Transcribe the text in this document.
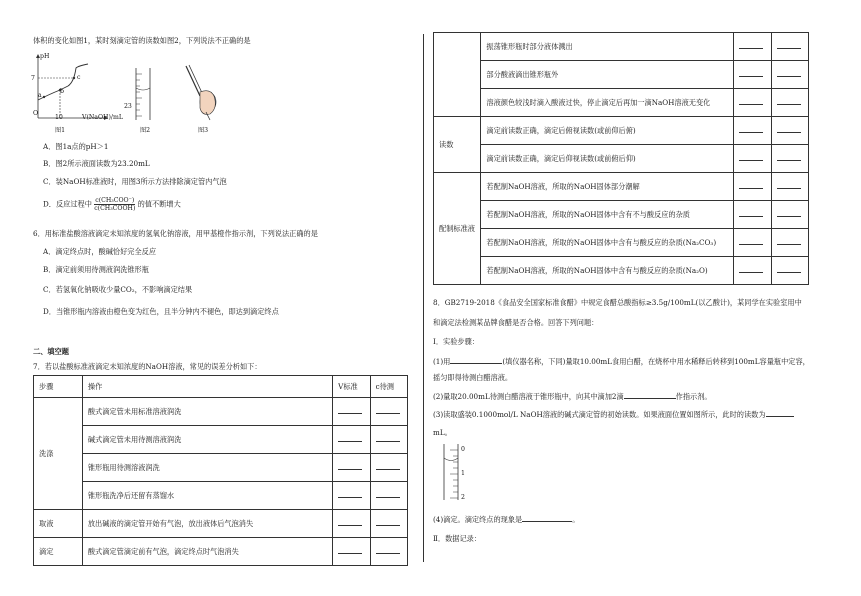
体积的变化如图1，某时刻滴定管的读数如图2，下列说法不正确的是
pH
7
10	V(NaOH)/mL
O
a
b
c
图1
23
图2	图3
A．图1a点的pH＞1
B．图2所示液面读数为23.20mL
C．装NaOH标准液时，用图3所示方法排除滴定管内气泡
D．反应过程中 $\frac{\text{c(CH₃COO⁻)}}{\text{c(CH₃COOH)}}$ 的值不断增大
6．用标准盐酸溶液滴定未知浓度的氢氧化钠溶液，用甲基橙作指示剂，下列说法正确的是
A．滴定终点时，酸碱恰好完全反应
B．滴定前须用待测液润洗锥形瓶
C．若氢氧化钠吸收少量CO₂，不影响滴定结果
D．当锥形瓶内溶液由橙色变为红色，且半分钟内不褪色，即达到滴定终点
二、填空题
7．若以盐酸标准液滴定未知浓度的NaOH溶液，常见的误差分析如下：
步骤	操作	V标准	c待测
洗涤	酸式滴定管未用标准溶液润洗		
	碱式滴定管未用待测溶液润洗		
	锥形瓶用待测溶液润洗		
	锥形瓶洗净后还留有蒸馏水		
取液	放出碱液的滴定管开始有气泡，放出液体后气泡消失		
滴定	酸式滴定管滴定前有气泡，滴定终点时气泡消失		
	振荡锥形瓶时部分液体溅出		
	部分酸液滴出锥形瓶外		
	溶液颜色较浅时滴入酸液过快，停止滴定后再加一滴NaOH溶液无变化		
读数	滴定前读数正确，滴定后俯视读数(或前仰后俯)		
	滴定前读数正确，滴定后仰视读数(或前俯后仰)		
配制标准液	若配制NaOH溶液，所取的NaOH固体部分潮解		
	若配制NaOH溶液，所取的NaOH固体中含有不与酸反应的杂质		
	若配制NaOH溶液，所取的NaOH固体中含有与酸反应的杂质(Na₂CO₃)		
	若配制NaOH溶液，所取的NaOH固体中含有与酸反应的杂质(Na₂O)		
8．GB2719-2018《食品安全国家标准食醋》中规定食醋总酸指标≥3.5g/100mL(以乙酸计)，某同学在实验室用中
和滴定法检测某品牌食醋是否合格。回答下列问题：
Ⅰ．实验步骤：
(1)用	(填仪器名称，下同)量取10.00mL食用白醋，在烧杯中用水稀释后转移到100mL容量瓶中定容，
摇匀即得待测白醋溶液。
(2)量取20.00mL待测白醋溶液于锥形瓶中，向其中滴加2滴	作指示剂。
(3)读取盛装0.1000mol/L NaOH溶液的碱式滴定管的初始读数。如果液面位置如图所示，此时的读数为
mL。
0
1
2
(4)滴定。滴定终点的现象是	。
Ⅱ．数据记录：
